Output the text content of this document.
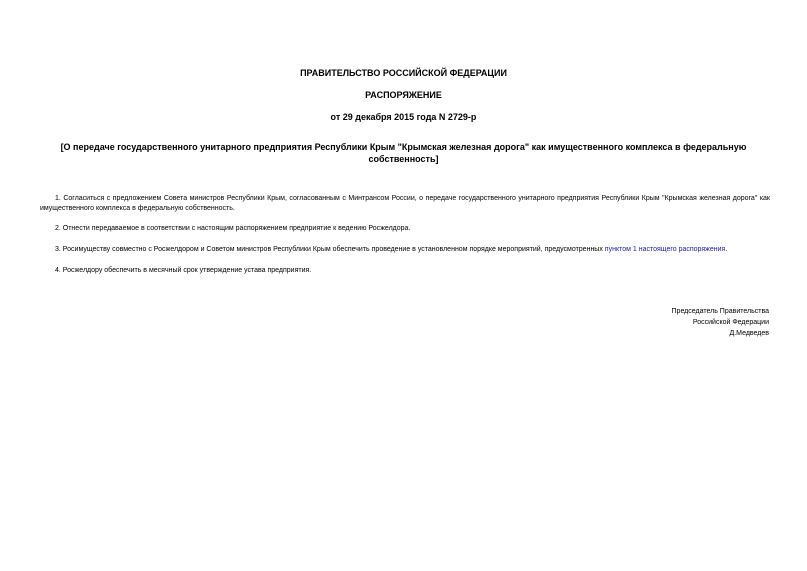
ПРАВИТЕЛЬСТВО РОССИЙСКОЙ ФЕДЕРАЦИИ
РАСПОРЯЖЕНИЕ
от 29 декабря 2015 года N 2729-р
[О передаче государственного унитарного предприятия Республики Крым "Крымская железная дорога" как имущественного комплекса в федеральную собственность]
1. Согласиться с предложением Совета министров Республики Крым, согласованным с Минтрансом России, о передаче государственного унитарного предприятия Республики Крым "Крымская железная дорога" как имущественного комплекса в федеральную собственность.
2. Отнести передаваемое в соответствии с настоящим распоряжением предприятие к ведению Росжелдора.
3. Росимуществу совместно с Росжелдором и Советом министров Республики Крым обеспечить проведение в установленном порядке мероприятий, предусмотренных пунктом 1 настоящего распоряжения.
4. Росжелдору обеспечить в месячный срок утверждение устава предприятия.
Председатель Правительства
Российской Федерации
Д.Медведев
